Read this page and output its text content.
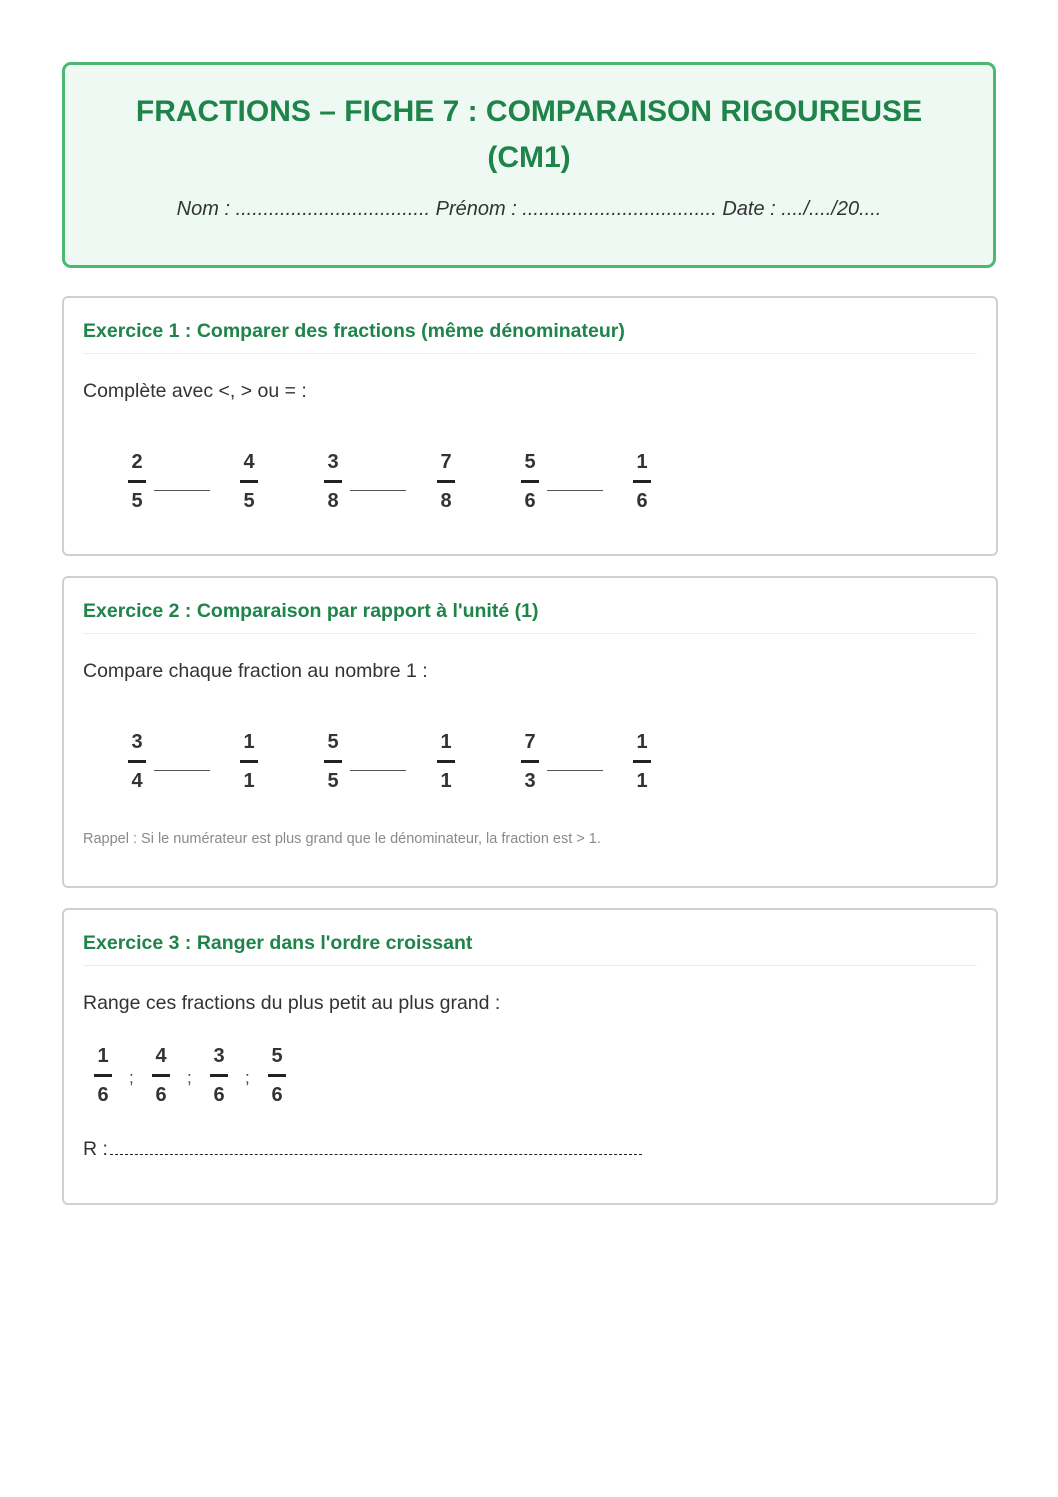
FRACTIONS – FICHE 7 : COMPARAISON RIGOUREUSE (CM1)
Nom : ................................... Prénom : ................................... Date : ..../..../20....
Exercice 1 : Comparer des fractions (même dénominateur)
Complète avec <, > ou = :
2
5
4
5
3
8
7
8
5
6
1
6
Exercice 2 : Comparaison par rapport à l'unité (1)
Compare chaque fraction au nombre 1 :
3
4
1
1
5
5
1
1
7
3
1
1
Rappel : Si le numérateur est plus grand que le dénominateur, la fraction est > 1.
Exercice 3 : Ranger dans l'ordre croissant
Range ces fractions du plus petit au plus grand :
1
6
;
4
6
;
3
6
;
5
6
R :
